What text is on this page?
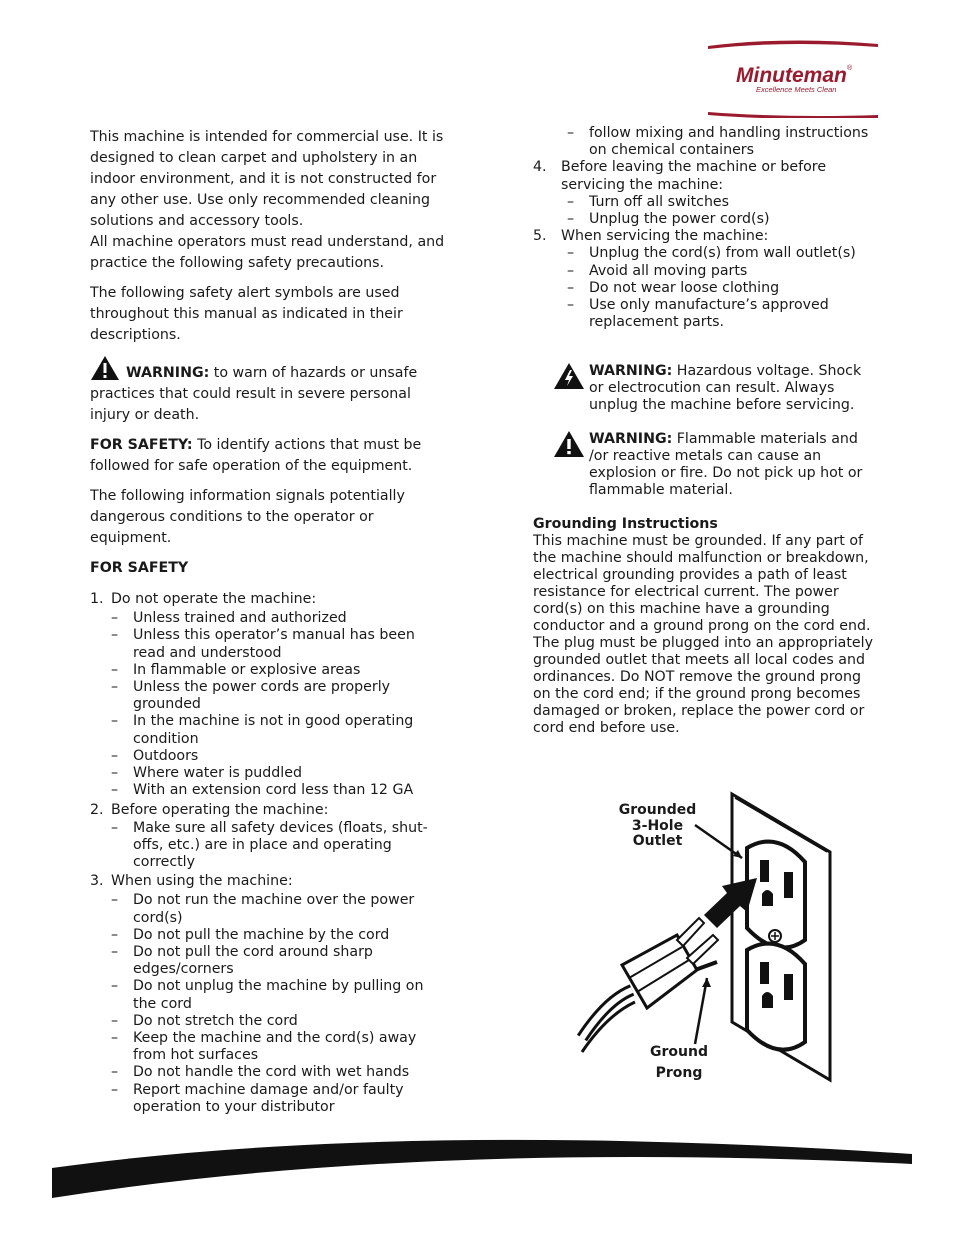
Minuteman ®
Excellence Meets Clean

This machine is intended for commercial use. It is designed to clean carpet and upholstery in an indoor environment, and it is not constructed for any other use. Use only recommended cleaning solutions and accessory tools.

All machine operators must read understand, and practice the following safety precautions.

The following safety alert symbols are used throughout this manual as indicated in their descriptions.

WARNING: to warn of hazards or unsafe practices that could result in severe personal injury or death.

FOR SAFETY: To identify actions that must be followed for safe operation of the equipment.

The following information signals potentially dangerous conditions to the operator or equipment.

FOR SAFETY

1. Do not operate the machine:
– Unless trained and authorized
– Unless this operator’s manual has been read and understood
– In flammable or explosive areas
– Unless the power cords are properly grounded
– In the machine is not in good operating condition
– Outdoors
– Where water is puddled
– With an extension cord less than 12 GA
2. Before operating the machine:
– Make sure all safety devices (floats, shut-offs, etc.) are in place and operating correctly
3. When using the machine:
– Do not run the machine over the power cord(s)
– Do not pull the machine by the cord
– Do not pull the cord around sharp edges/corners
– Do not unplug the machine by pulling on the cord
– Do not stretch the cord
– Keep the machine and the cord(s) away from hot surfaces
– Do not handle the cord with wet hands
– Report machine damage and/or faulty operation to your distributor
– follow mixing and handling instructions on chemical containers
4. Before leaving the machine or before servicing the machine:
– Turn off all switches
– Unplug the power cord(s)
5. When servicing the machine:
– Unplug the cord(s) from wall outlet(s)
– Avoid all moving parts
– Do not wear loose clothing
– Use only manufacture’s approved replacement parts.
WARNING: Hazardous voltage. Shock or electrocution can result. Always unplug the machine before servicing.
WARNING: Flammable materials and /or reactive metals can cause an explosion or fire. Do not pick up hot or flammable material.
Grounding Instructions
This machine must be grounded. If any part of the machine should malfunction or breakdown, electrical grounding provides a path of least resistance for electrical current. The power cord(s) on this machine have a grounding conductor and a ground prong on the cord end. The plug must be plugged into an appropriately grounded outlet that meets all local codes and ordinances. Do NOT remove the ground prong on the cord end; if the ground prong becomes damaged or broken, replace the power cord or cord end before use.
Grounded
3-Hole
Outlet
Ground
Prong
